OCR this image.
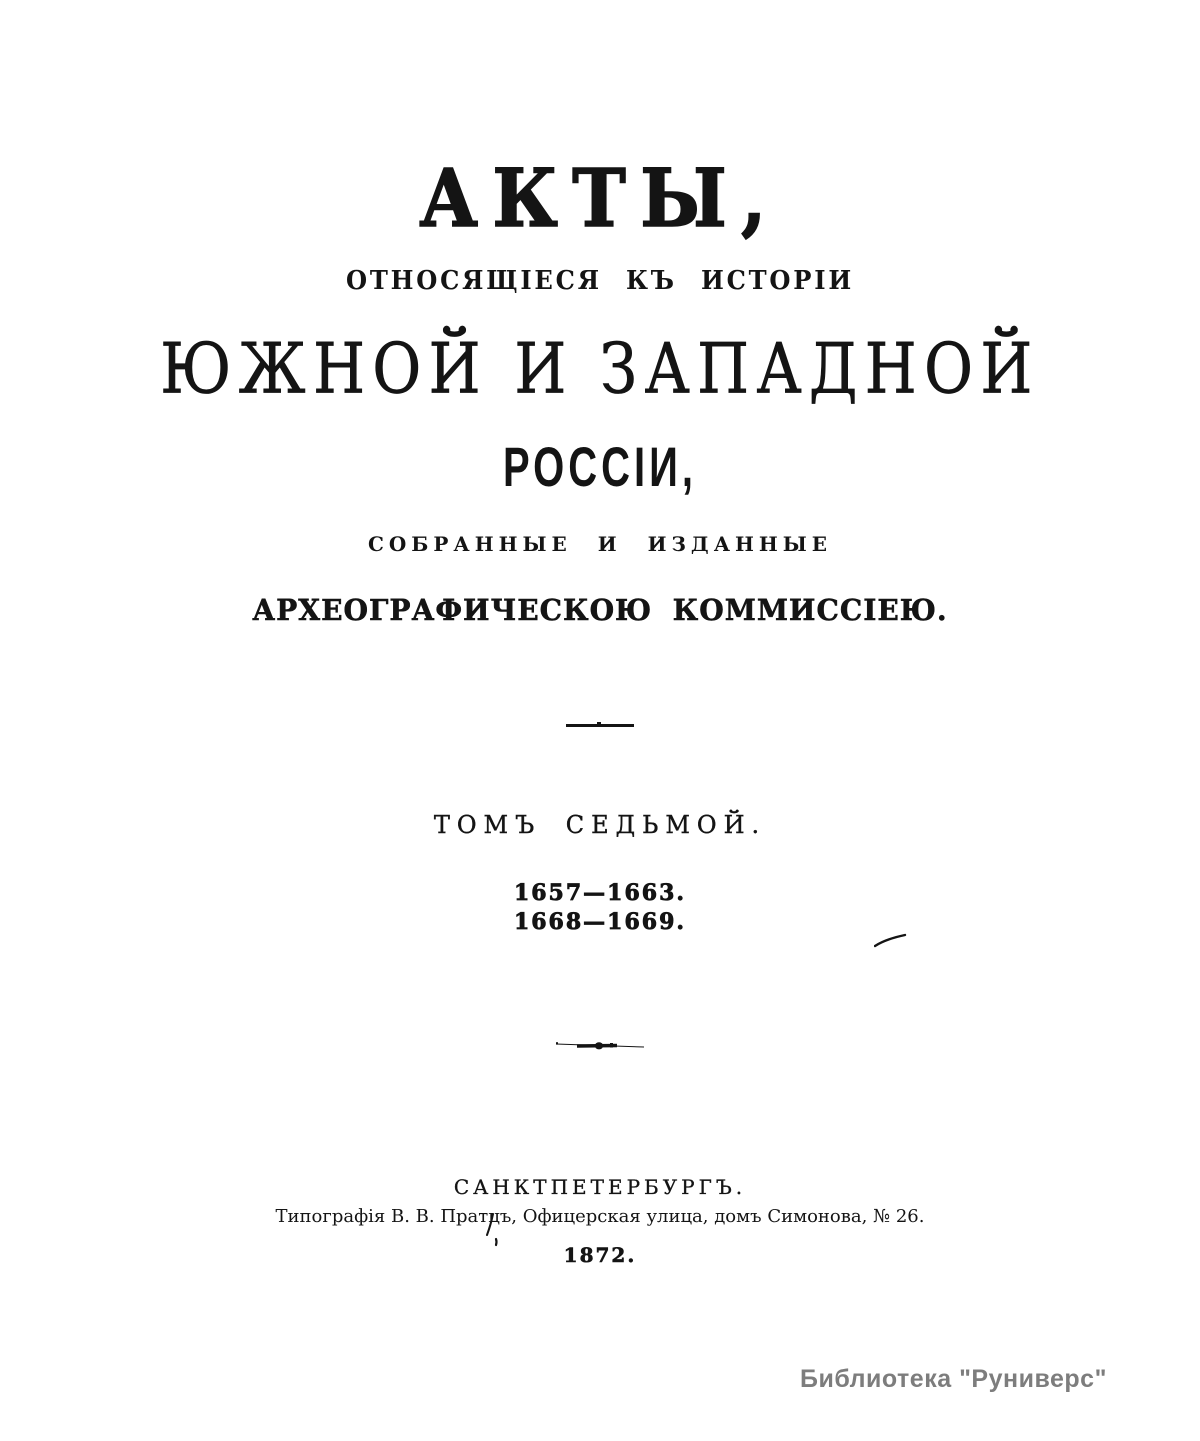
АКТЫ,
ОТНОСЯЩІЕСЯ КЪ ИСТОРІИ
ЮЖНОЙ И ЗАПАДНОЙ
РОССІИ,
СОБРАННЫЕ И ИЗДАННЫЕ
АРХЕОГРАФИЧЕСКОЮ КОММИССІЕЮ.
ТОМЪ СЕДЬМОЙ.
1657—1663.
1668—1669.
САНКТПЕТЕРБУРГЪ.
Типографія В. В. Пратцъ, Офицерская улица, домъ Симонова, № 26.
1872.
Библиотека "Руниверс"
